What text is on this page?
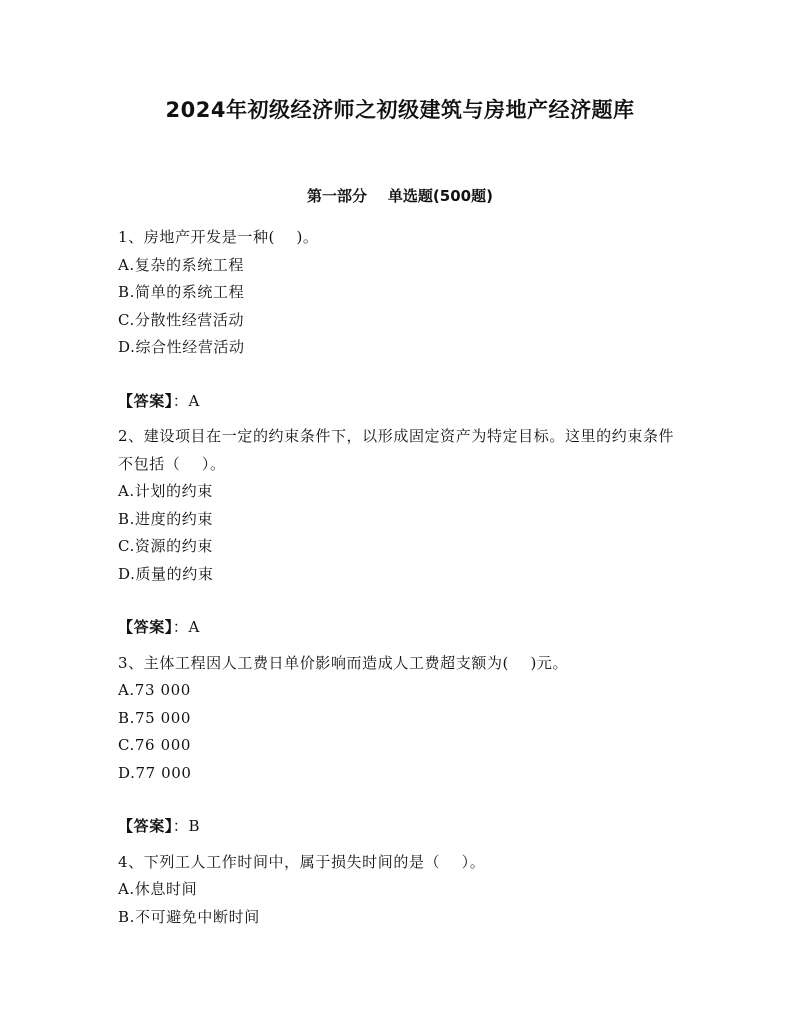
2024年初级经济师之初级建筑与房地产经济题库
第一部分    单选题(500题)
1、房地产开发是一种(    )。
A.复杂的系统工程
B.简单的系统工程
C.分散性经营活动
D.综合性经营活动
【答案】：A
2、建设项目在一定的约束条件下，以形成固定资产为特定目标。这里的约束条件不包括（    ）。
A.计划的约束
B.进度的约束
C.资源的约束
D.质量的约束
【答案】：A
3、主体工程因人工费日单价影响而造成人工费超支额为(    )元。
A.73 000
B.75 000
C.76 000
D.77 000
【答案】：B
4、下列工人工作时间中，属于损失时间的是（    ）。
A.休息时间
B.不可避免中断时间
